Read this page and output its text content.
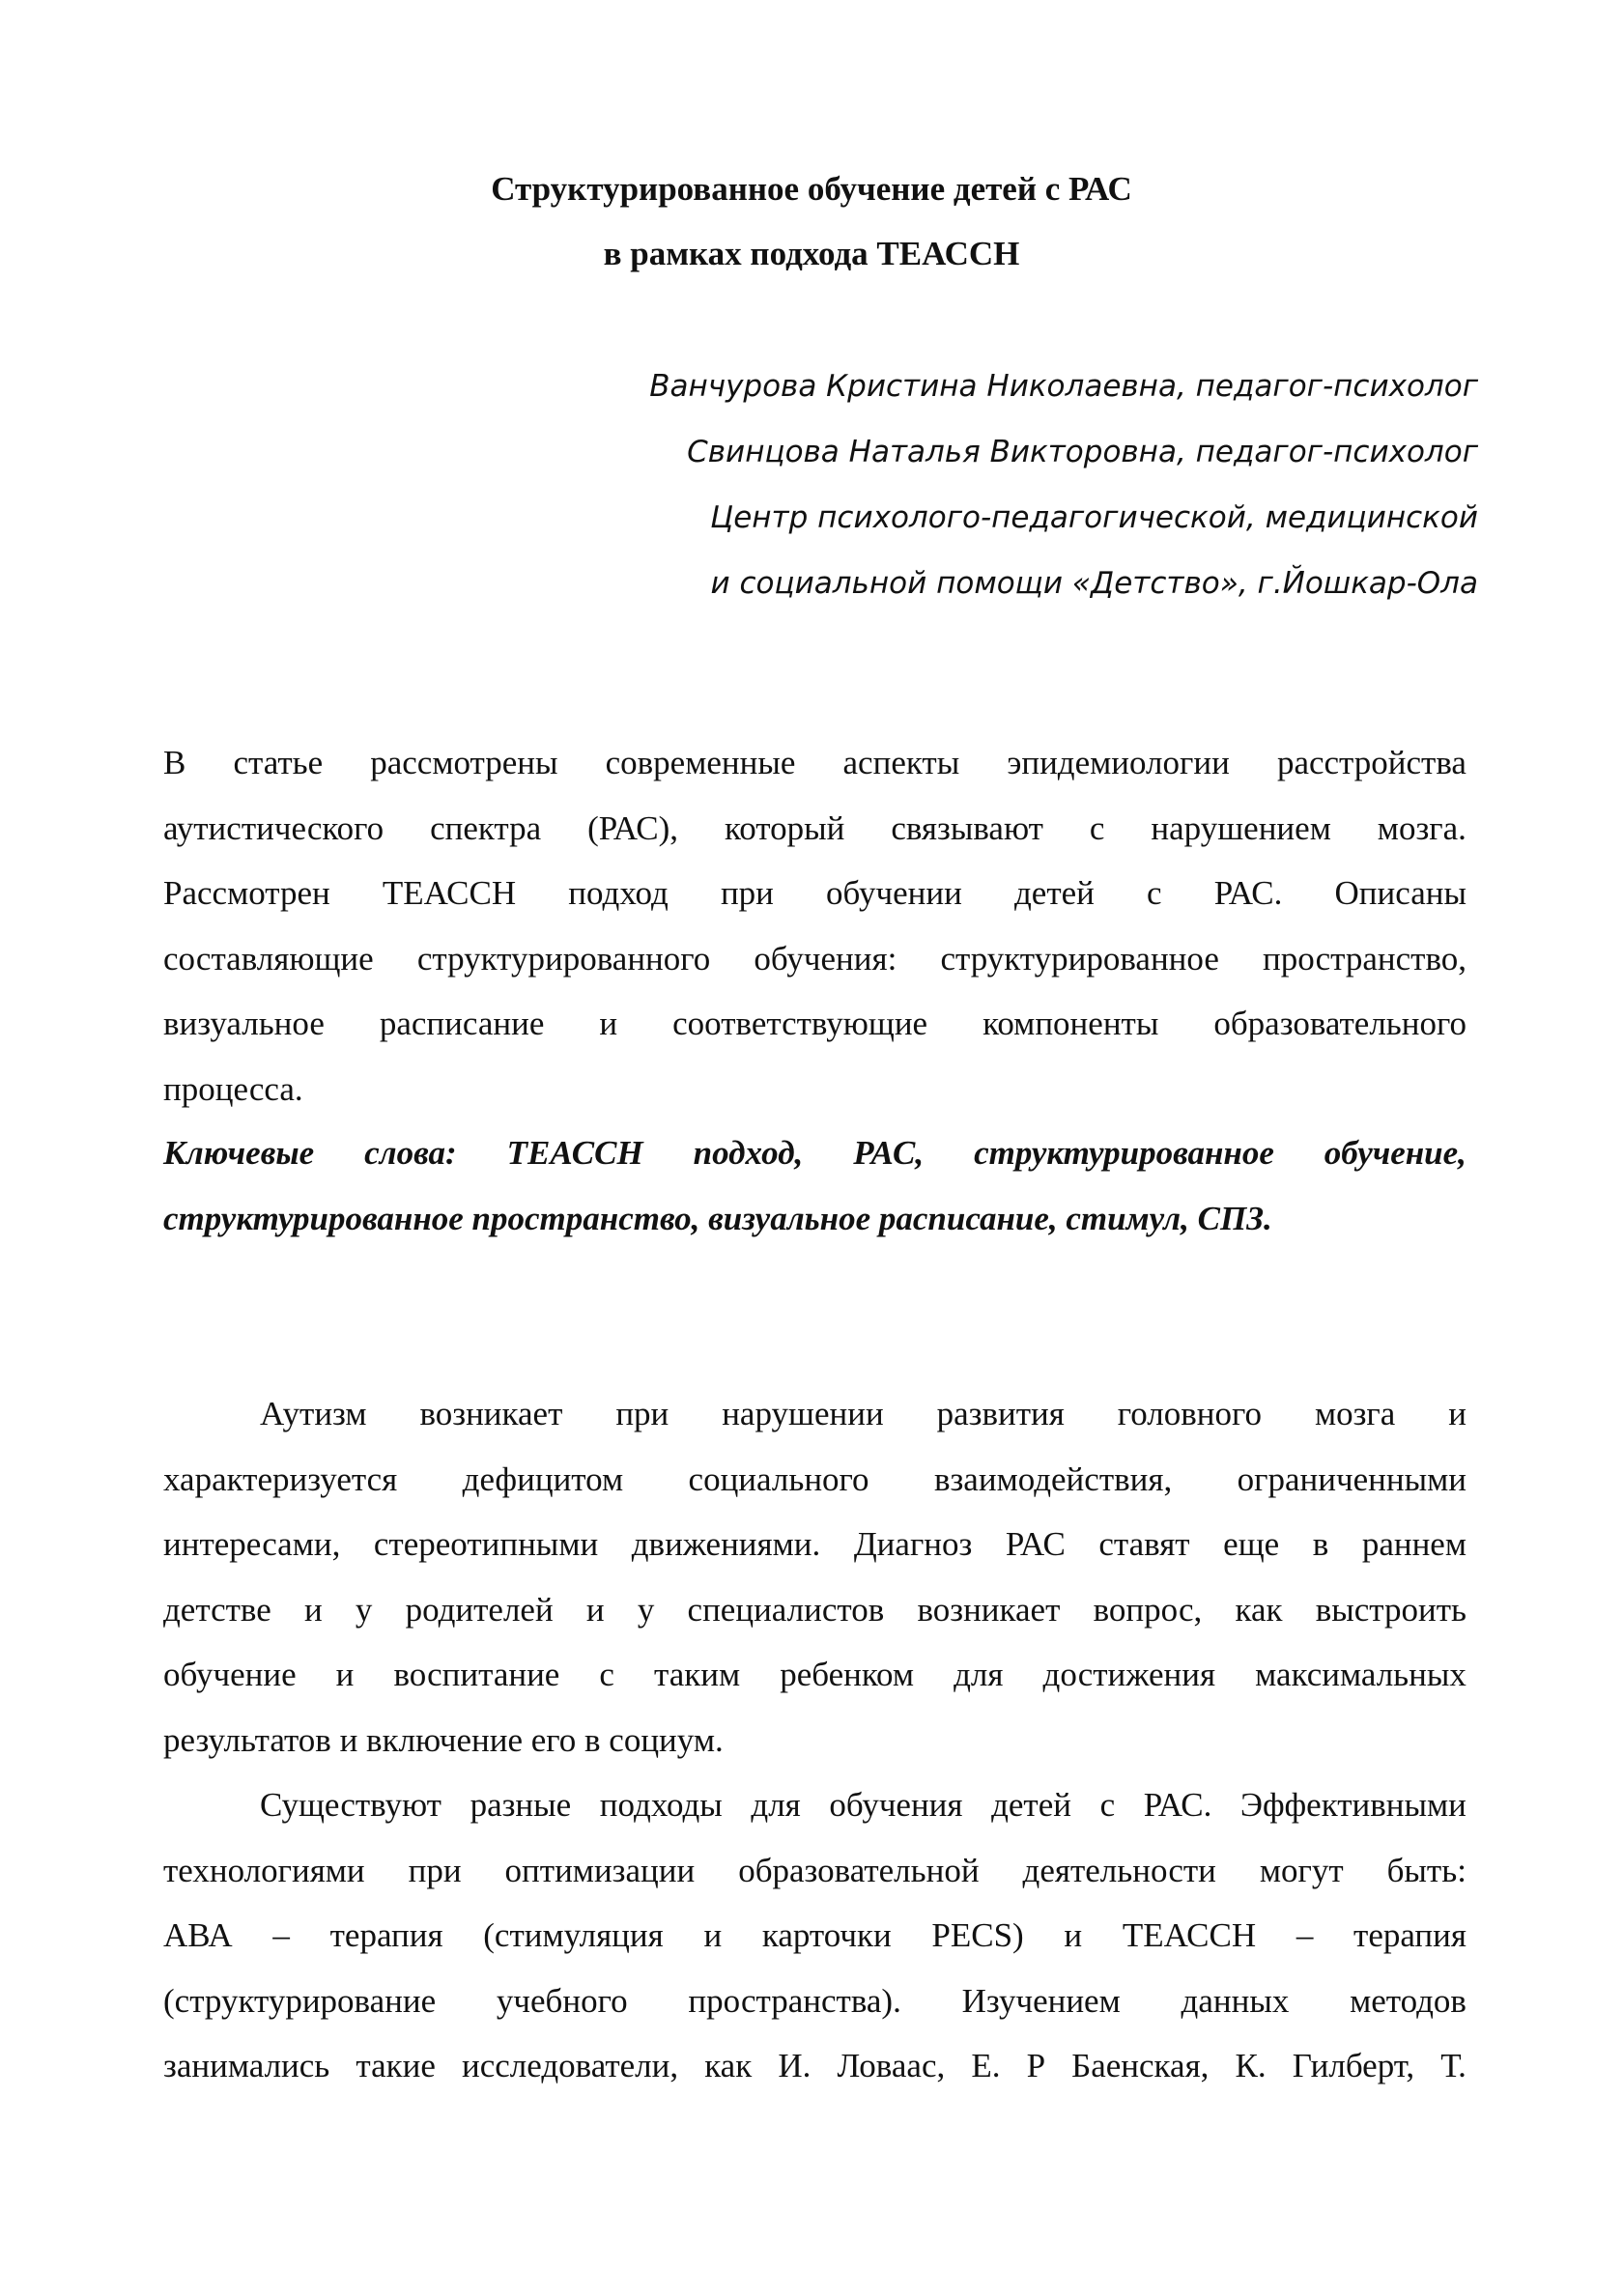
Структурированное обучение детей с РАС
в рамках подхода ТЕАССН
Ванчурова Кристина Николаевна, педагог-психолог
Свинцова Наталья Викторовна, педагог-психолог
Центр психолого-педагогической, медицинской
и социальной помощи «Детство», г.Йошкар-Ола
В статье рассмотрены современные аспекты эпидемиологии расстройства
аутистического спектра (РАС), который связывают с нарушением мозга.
Рассмотрен ТЕАССН подход при обучении детей с РАС. Описаны
составляющие структурированного обучения: структурированное пространство,
визуальное расписание и соответствующие компоненты образовательного
процесса.
Ключевые слова: ТЕАССН подход, РАС, структурированное обучение,
структурированное пространство, визуальное расписание, стимул, СПЗ.
Аутизм возникает при нарушении развития головного мозга и
характеризуется дефицитом социального взаимодействия, ограниченными
интересами, стереотипными движениями. Диагноз РАС ставят еще в раннем
детстве и у родителей и у специалистов возникает вопрос, как выстроить
обучение и воспитание с таким ребенком для достижения максимальных
результатов и включение его в социум.
Существуют разные подходы для обучения детей с РАС. Эффективными
технологиями при оптимизации образовательной деятельности могут быть:
АВА – терапия (стимуляция и карточки PECS) и ТЕАССН – терапия
(структурирование учебного пространства). Изучением данных методов
занимались такие исследователи, как И. Ловаас, Е. Р Баенская, К. Гилберт, Т.
